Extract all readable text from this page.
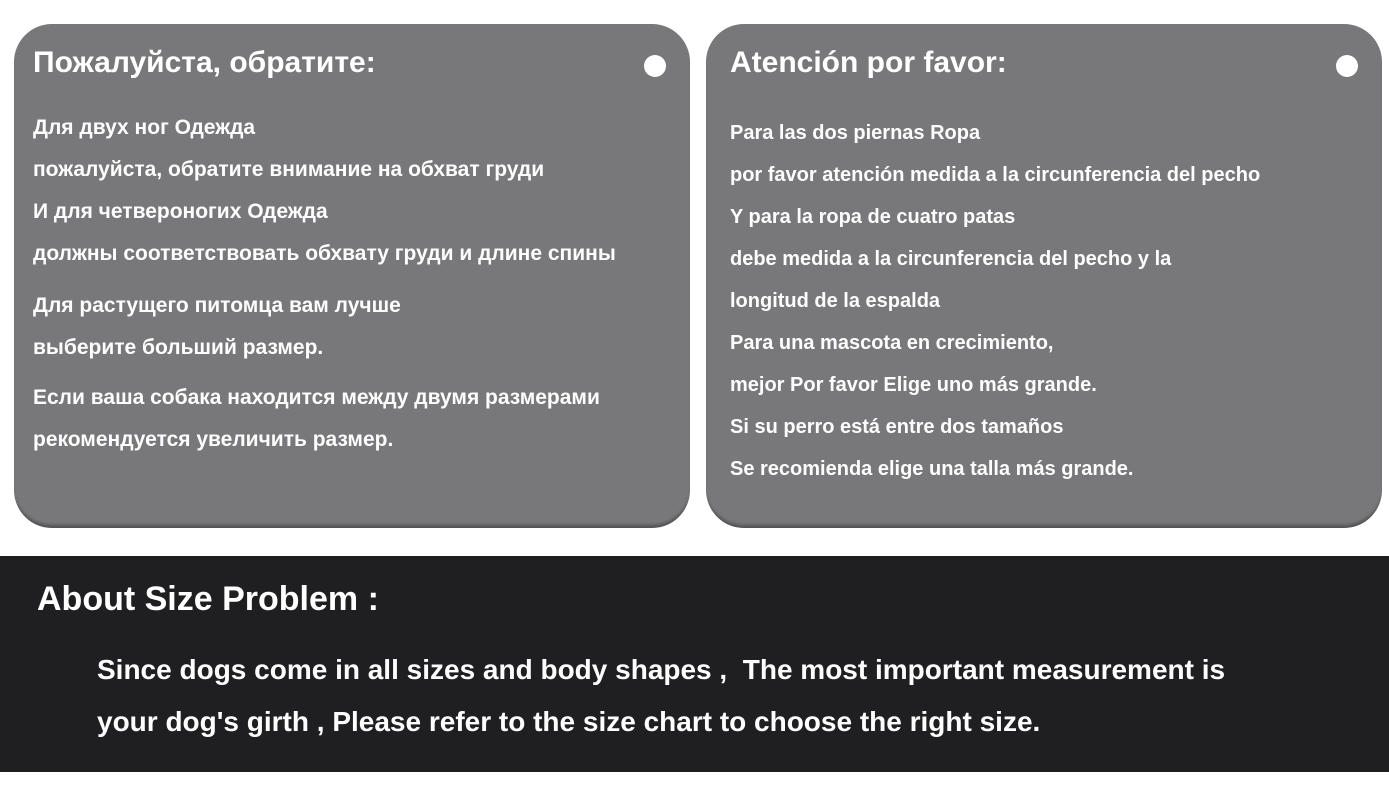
Пожалуйста, обратите:
Для двух ног Одежда
пожалуйста, обратите внимание на обхват груди
И для четвероногих Одежда
должны соответствовать обхвату груди и длине спины
Для растущего питомца вам лучше
выберите больший размер.
Если ваша собака находится между двумя размерами
рекомендуется увеличить размер.
Atención por favor:
Para las dos piernas Ropa
por favor atención medida a la circunferencia del pecho
Y para la ropa de cuatro patas
debe medida a la circunferencia del pecho y la
longitud de la espalda
Para una mascota en crecimiento,
mejor Por favor Elige uno más grande.
Si su perro está entre dos tamaños
Se recomienda elige una talla más grande.
About Size Problem :
Since dogs come in all sizes and body shapes ,  The most important measurement is
your dog's girth , Please refer to the size chart to choose the right size.
